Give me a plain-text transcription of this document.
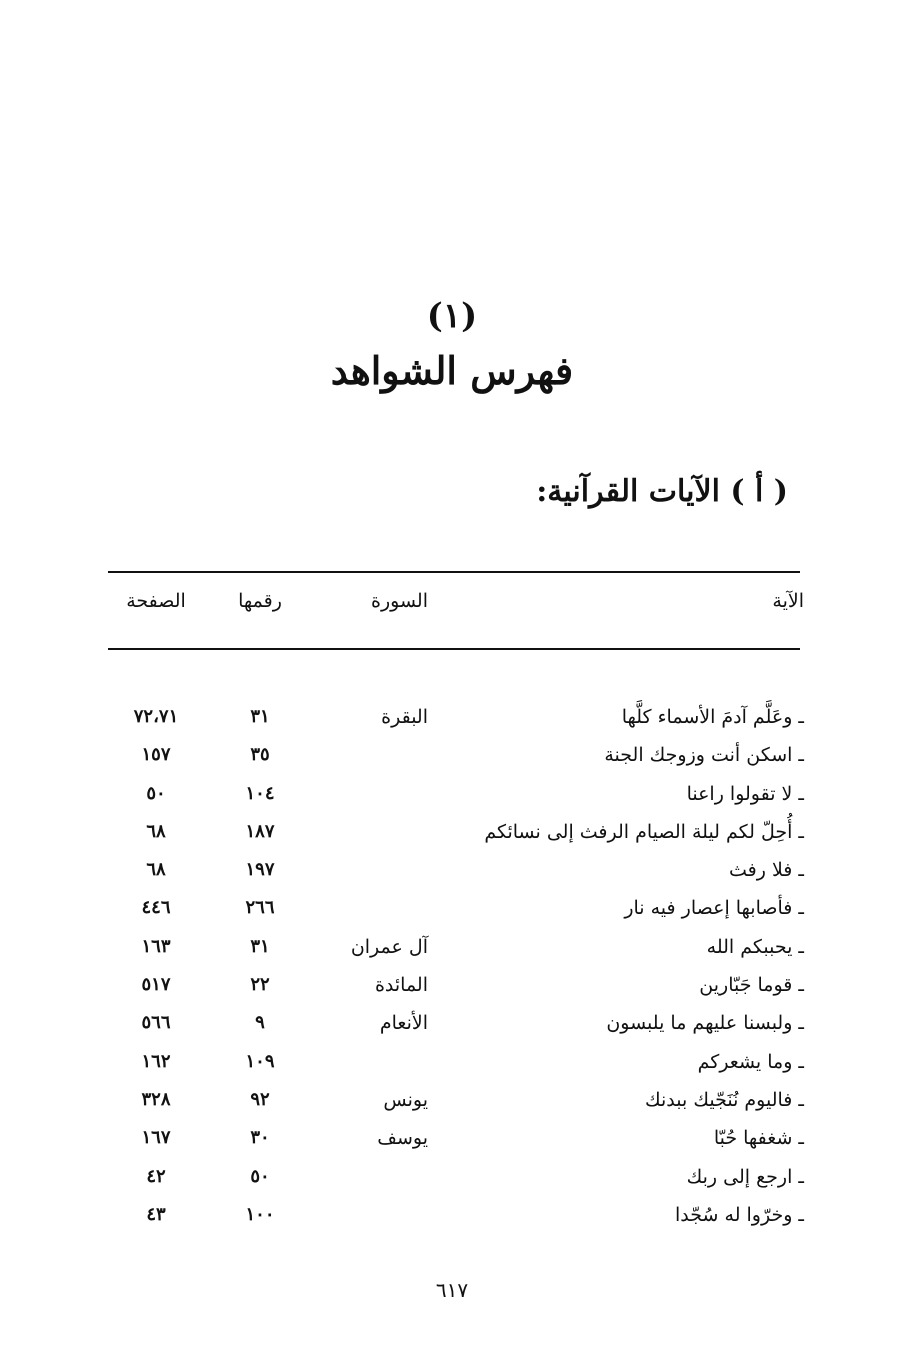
(١)
فهرس الشواهد
( أ ) الآيات القرآنية:
الآية
السورة
رقمها
الصفحة
ـ وعَلَّم آدمَ الأسماء كلَّها
البقرة
٣١
٧٢،٧١
ـ اسكن أنت وزوجك الجنة
٣٥
١٥٧
ـ لا تقولوا راعنا
١٠٤
٥٠
ـ أُحِلّ لكم ليلة الصيام الرفث إلى نسائكم
١٨٧
٦٨
ـ فلا رفث
١٩٧
٦٨
ـ فأصابها إعصار فيه نار
٢٦٦
٤٤٦
ـ يحببكم الله
آل عمران
٣١
١٦٣
ـ قوما جَبّارين
المائدة
٢٢
٥١٧
ـ ولبسنا عليهم ما يلبسون
الأنعام
٩
٥٦٦
ـ وما يشعركم
١٠٩
١٦٢
ـ فاليوم نُنَجّيك ببدنك
يونس
٩٢
٣٢٨
ـ شغفها حُبّا
يوسف
٣٠
١٦٧
ـ ارجع إلى ربك
٥٠
٤٢
ـ وخرّوا له سُجّدا
١٠٠
٤٣
٦١٧
